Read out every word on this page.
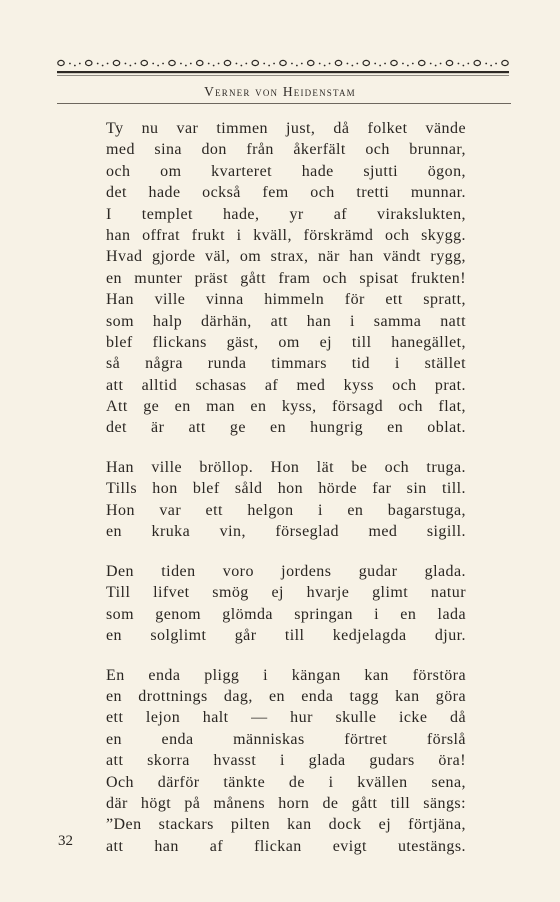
Verner von Heidenstam
Ty nu var timmen just, då folket vände
med sina don från åkerfält och brunnar,
och om kvarteret hade sjutti ögon,
det hade också fem och tretti munnar.
I templet hade, yr af virakslukten,
han offrat frukt i kväll, förskrämd och skygg.
Hvad gjorde väl, om strax, när han vändt rygg,
en munter präst gått fram och spisat frukten!
Han ville vinna himmeln för ett spratt,
som halp därhän, att han i samma natt
blef flickans gäst, om ej till hanegället,
så några runda timmars tid i stället
att alltid schasas af med kyss och prat.
Att ge en man en kyss, försagd och flat,
det är att ge en hungrig en oblat.
Han ville bröllop. Hon lät be och truga.
Tills hon blef såld hon hörde far sin till.
Hon var ett helgon i en bagarstuga,
en kruka vin, förseglad med sigill.
Den tiden voro jordens gudar glada.
Till lifvet smög ej hvarje glimt natur
som genom glömda springan i en lada
en solglimt går till kedjelagda djur.
En enda pligg i kängan kan förstöra
en drottnings dag, en enda tagg kan göra
ett lejon halt — hur skulle icke då
en enda människas förtret förslå
att skorra hvasst i glada gudars öra!
Och därför tänkte de i kvällen sena,
där högt på månens horn de gått till sängs:
”Den stackars pilten kan dock ej förtjäna,
att han af flickan evigt utestängs.
32
